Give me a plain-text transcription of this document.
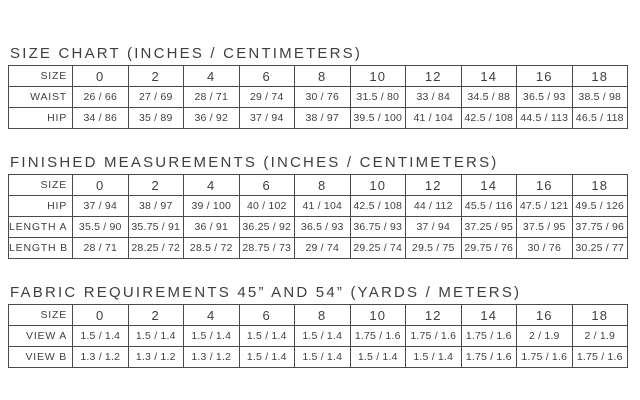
SIZE CHART (INCHES / CENTIMETERS)
SIZE	0	2	4	6	8	10	12	14	16	18
WAIST	26 / 66	27 / 69	28 / 71	29 / 74	30 / 76	31.5 / 80	33 / 84	34.5 / 88	36.5 / 93	38.5 / 98
HIP	34 / 86	35 / 89	36 / 92	37 / 94	38 / 97	39.5 / 100	41 / 104	42.5 / 108	44.5 / 113	46.5 / 118
FINISHED MEASUREMENTS (INCHES / CENTIMETERS)
SIZE	0	2	4	6	8	10	12	14	16	18
HIP	37 / 94	38 / 97	39 / 100	40 / 102	41 / 104	42.5 / 108	44 / 112	45.5 / 116	47.5 / 121	49.5 / 126
LENGTH A	35.5 / 90	35.75 / 91	36 / 91	36.25 / 92	36.5 / 93	36.75 / 93	37 / 94	37.25 / 95	37.5 / 95	37.75 / 96
LENGTH B	28 / 71	28.25 / 72	28.5 / 72	28.75 / 73	29 / 74	29.25 / 74	29.5 / 75	29.75 / 76	30 / 76	30.25 / 77
FABRIC REQUIREMENTS 45” AND 54” (YARDS / METERS)
SIZE	0	2	4	6	8	10	12	14	16	18
VIEW A	1.5 / 1.4	1.5 / 1.4	1.5 / 1.4	1.5 / 1.4	1.5 / 1.4	1.75 / 1.6	1.75 / 1.6	1.75 / 1.6	2 / 1.9	2 / 1.9
VIEW B	1.3 / 1.2	1.3 / 1.2	1.3 / 1.2	1.5 / 1.4	1.5 / 1.4	1.5 / 1.4	1.5 / 1.4	1.75 / 1.6	1.75 / 1.6	1.75 / 1.6
